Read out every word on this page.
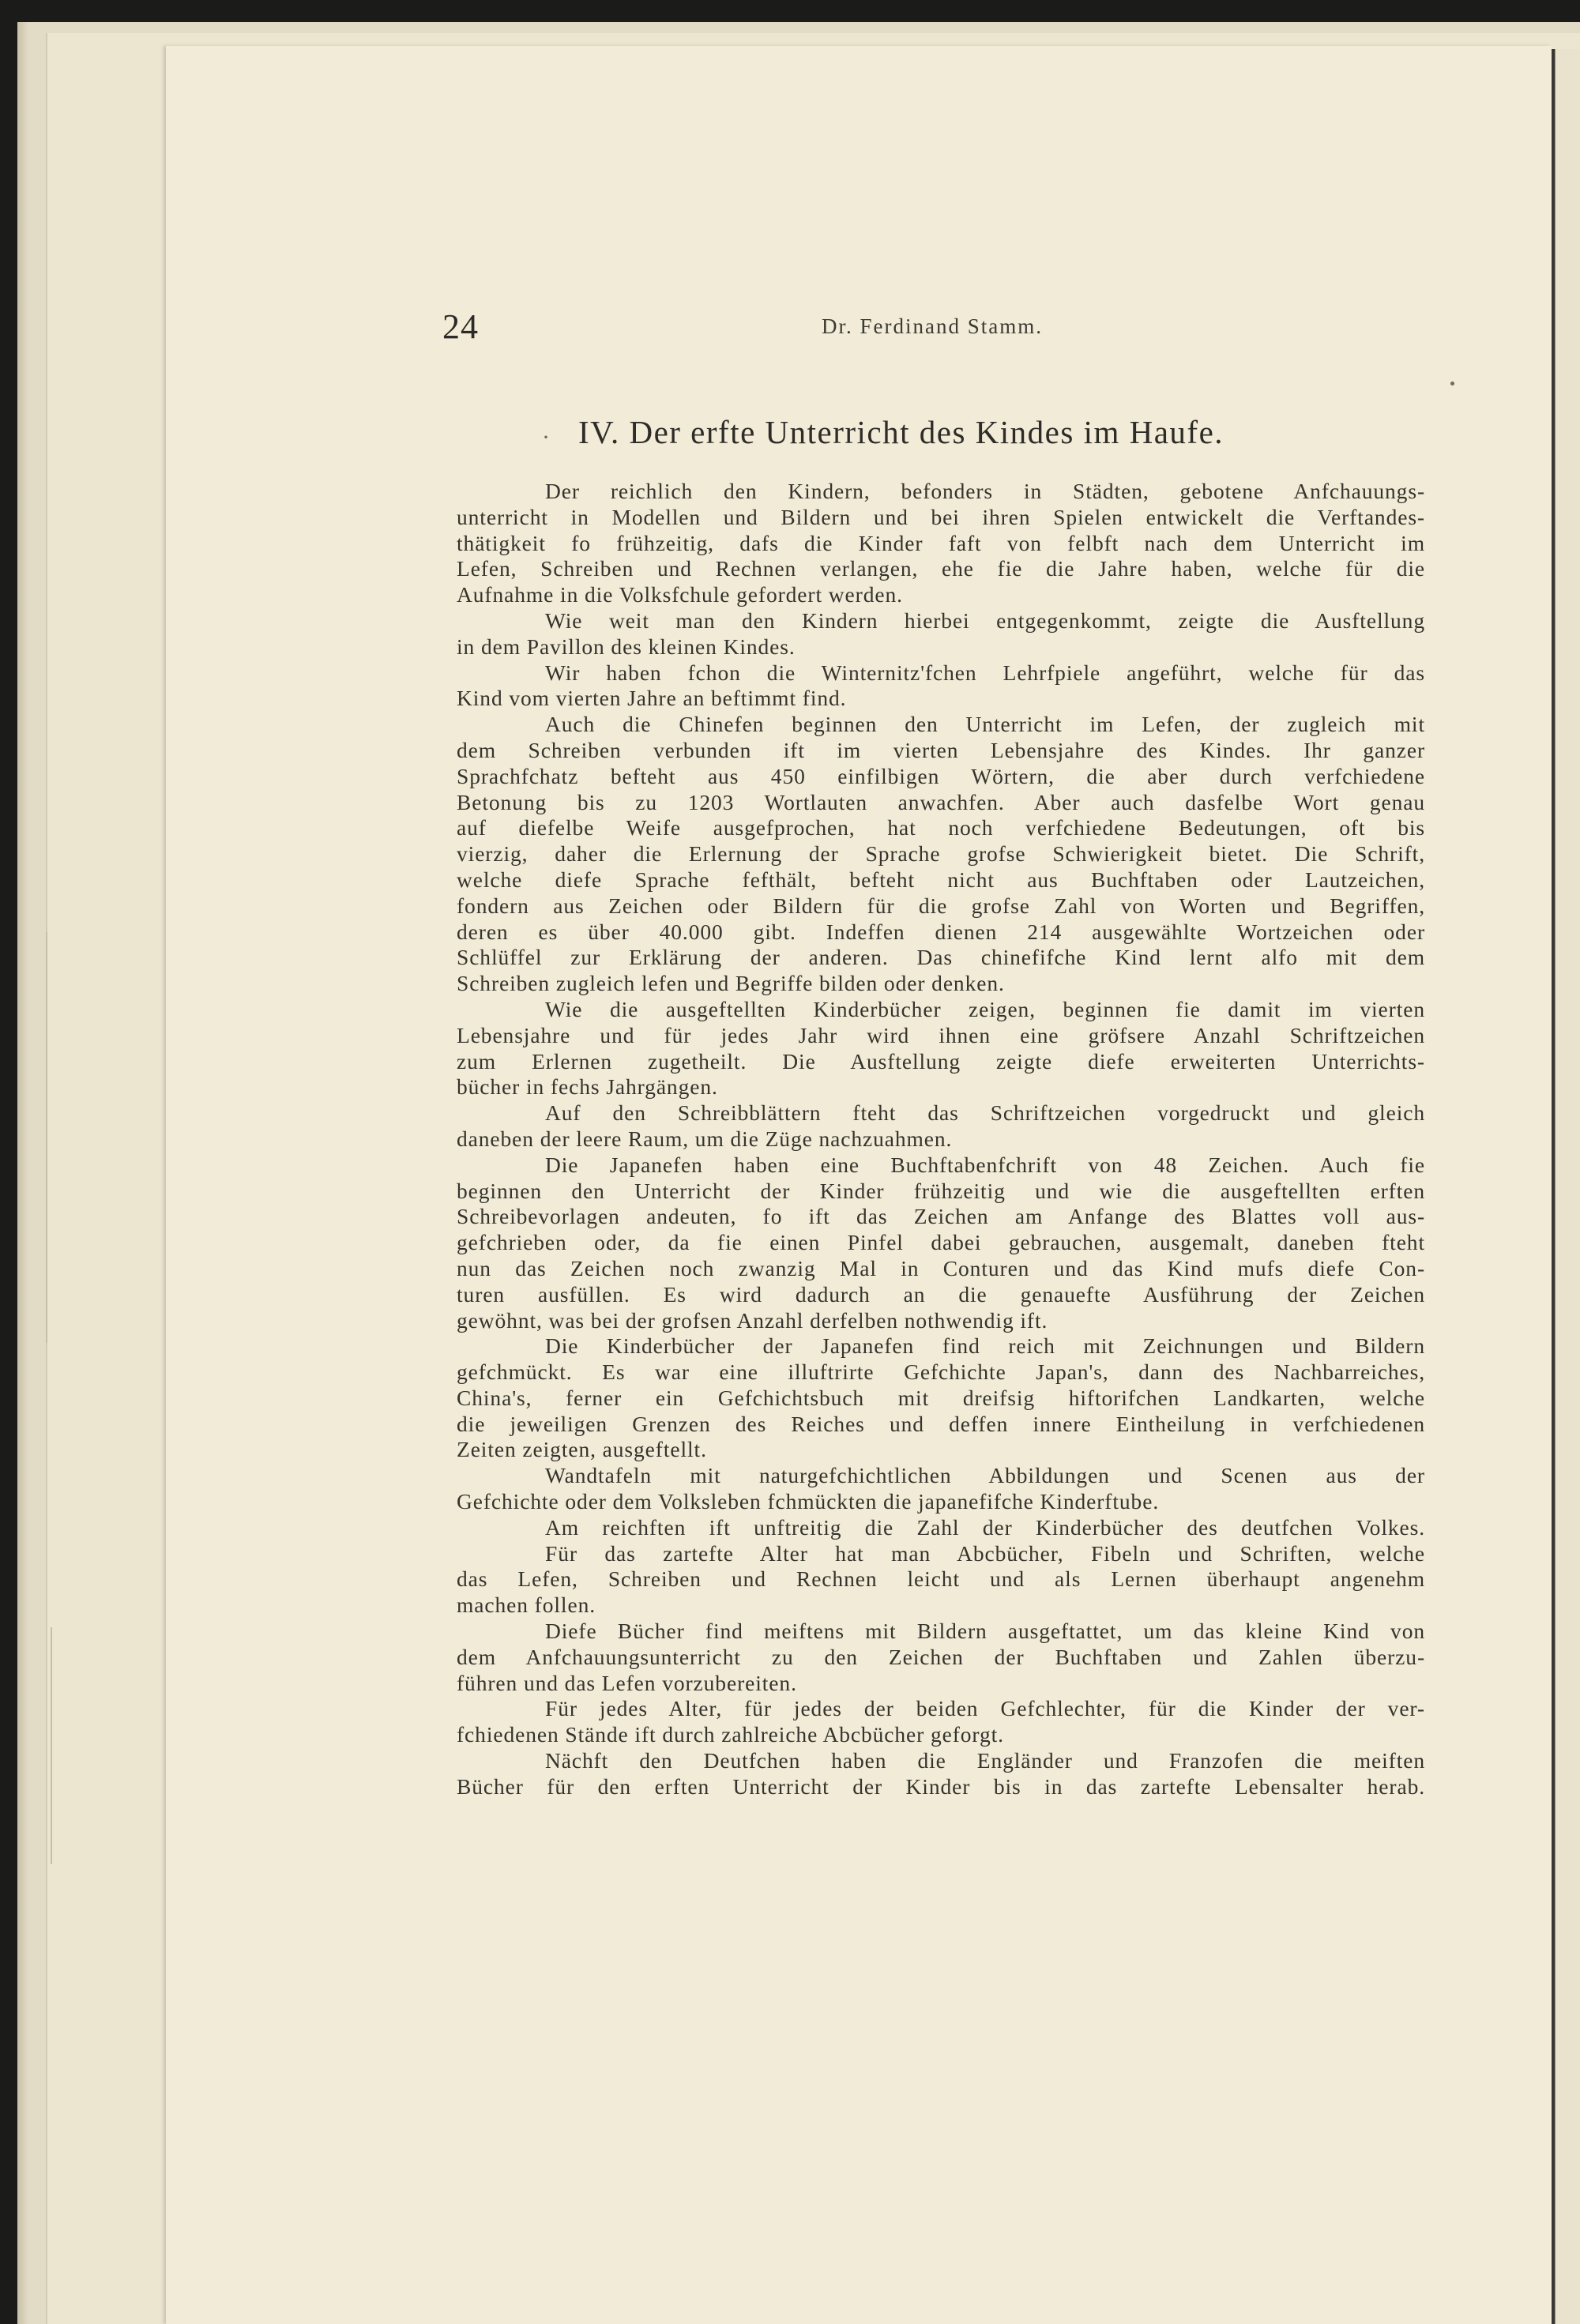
24	Dr. Ferdinand Stamm.
· IV. Der erfte Unterricht des Kindes im Haufe.
Der reichlich den Kindern, befonders in Städten, gebotene Anfchauungs-
unterricht in Modellen und Bildern und bei ihren Spielen entwickelt die Verftandes-
thätigkeit fo frühzeitig, dafs die Kinder faft von felbft nach dem Unterricht im
Lefen, Schreiben und Rechnen verlangen, ehe fie die Jahre haben, welche für die
Aufnahme in die Volksfchule gefordert werden.
Wie weit man den Kindern hierbei entgegenkommt, zeigte die Ausftellung
in dem Pavillon des kleinen Kindes.
Wir haben fchon die Winternitz'fchen Lehrfpiele angeführt, welche für das
Kind vom vierten Jahre an beftimmt find.
Auch die Chinefen beginnen den Unterricht im Lefen, der zugleich mit
dem Schreiben verbunden ift im vierten Lebensjahre des Kindes. Ihr ganzer
Sprachfchatz befteht aus 450 einfilbigen Wörtern, die aber durch verfchiedene
Betonung bis zu 1203 Wortlauten anwachfen. Aber auch dasfelbe Wort genau
auf diefelbe Weife ausgefprochen, hat noch verfchiedene Bedeutungen, oft bis
vierzig, daher die Erlernung der Sprache grofse Schwierigkeit bietet. Die Schrift,
welche diefe Sprache fefthält, befteht nicht aus Buchftaben oder Lautzeichen,
fondern aus Zeichen oder Bildern für die grofse Zahl von Worten und Begriffen,
deren es über 40.000 gibt. Indeffen dienen 214 ausgewählte Wortzeichen oder
Schlüffel zur Erklärung der anderen. Das chinefifche Kind lernt alfo mit dem
Schreiben zugleich lefen und Begriffe bilden oder denken.
Wie die ausgeftellten Kinderbücher zeigen, beginnen fie damit im vierten
Lebensjahre und für jedes Jahr wird ihnen eine gröfsere Anzahl Schriftzeichen
zum Erlernen zugetheilt. Die Ausftellung zeigte diefe erweiterten Unterrichts-
bücher in fechs Jahrgängen.
Auf den Schreibblättern fteht das Schriftzeichen vorgedruckt und gleich
daneben der leere Raum, um die Züge nachzuahmen.
Die Japanefen haben eine Buchftabenfchrift von 48 Zeichen. Auch fie
beginnen den Unterricht der Kinder frühzeitig und wie die ausgeftellten erften
Schreibevorlagen andeuten, fo ift das Zeichen am Anfange des Blattes voll aus-
gefchrieben oder, da fie einen Pinfel dabei gebrauchen, ausgemalt, daneben fteht
nun das Zeichen noch zwanzig Mal in Conturen und das Kind mufs diefe Con-
turen ausfüllen. Es wird dadurch an die genauefte Ausführung der Zeichen
gewöhnt, was bei der grofsen Anzahl derfelben nothwendig ift.
Die Kinderbücher der Japanefen find reich mit Zeichnungen und Bildern
gefchmückt. Es war eine illuftrirte Gefchichte Japan's, dann des Nachbarreiches,
China's, ferner ein Gefchichtsbuch mit dreifsig hiftorifchen Landkarten, welche
die jeweiligen Grenzen des Reiches und deffen innere Eintheilung in verfchiedenen
Zeiten zeigten, ausgeftellt.
Wandtafeln mit naturgefchichtlichen Abbildungen und Scenen aus der
Gefchichte oder dem Volksleben fchmückten die japanefifche Kinderftube.
Am reichften ift unftreitig die Zahl der Kinderbücher des deutfchen Volkes.
Für das zartefte Alter hat man Abcbücher, Fibeln und Schriften, welche
das Lefen, Schreiben und Rechnen leicht und als Lernen überhaupt angenehm
machen follen.
Diefe Bücher find meiftens mit Bildern ausgeftattet, um das kleine Kind von
dem Anfchauungsunterricht zu den Zeichen der Buchftaben und Zahlen überzu-
führen und das Lefen vorzubereiten.
Für jedes Alter, für jedes der beiden Gefchlechter, für die Kinder der ver-
fchiedenen Stände ift durch zahlreiche Abcbücher geforgt.
Nächft den Deutfchen haben die Engländer und Franzofen die meiften
Bücher für den erften Unterricht der Kinder bis in das zartefte Lebensalter herab.
